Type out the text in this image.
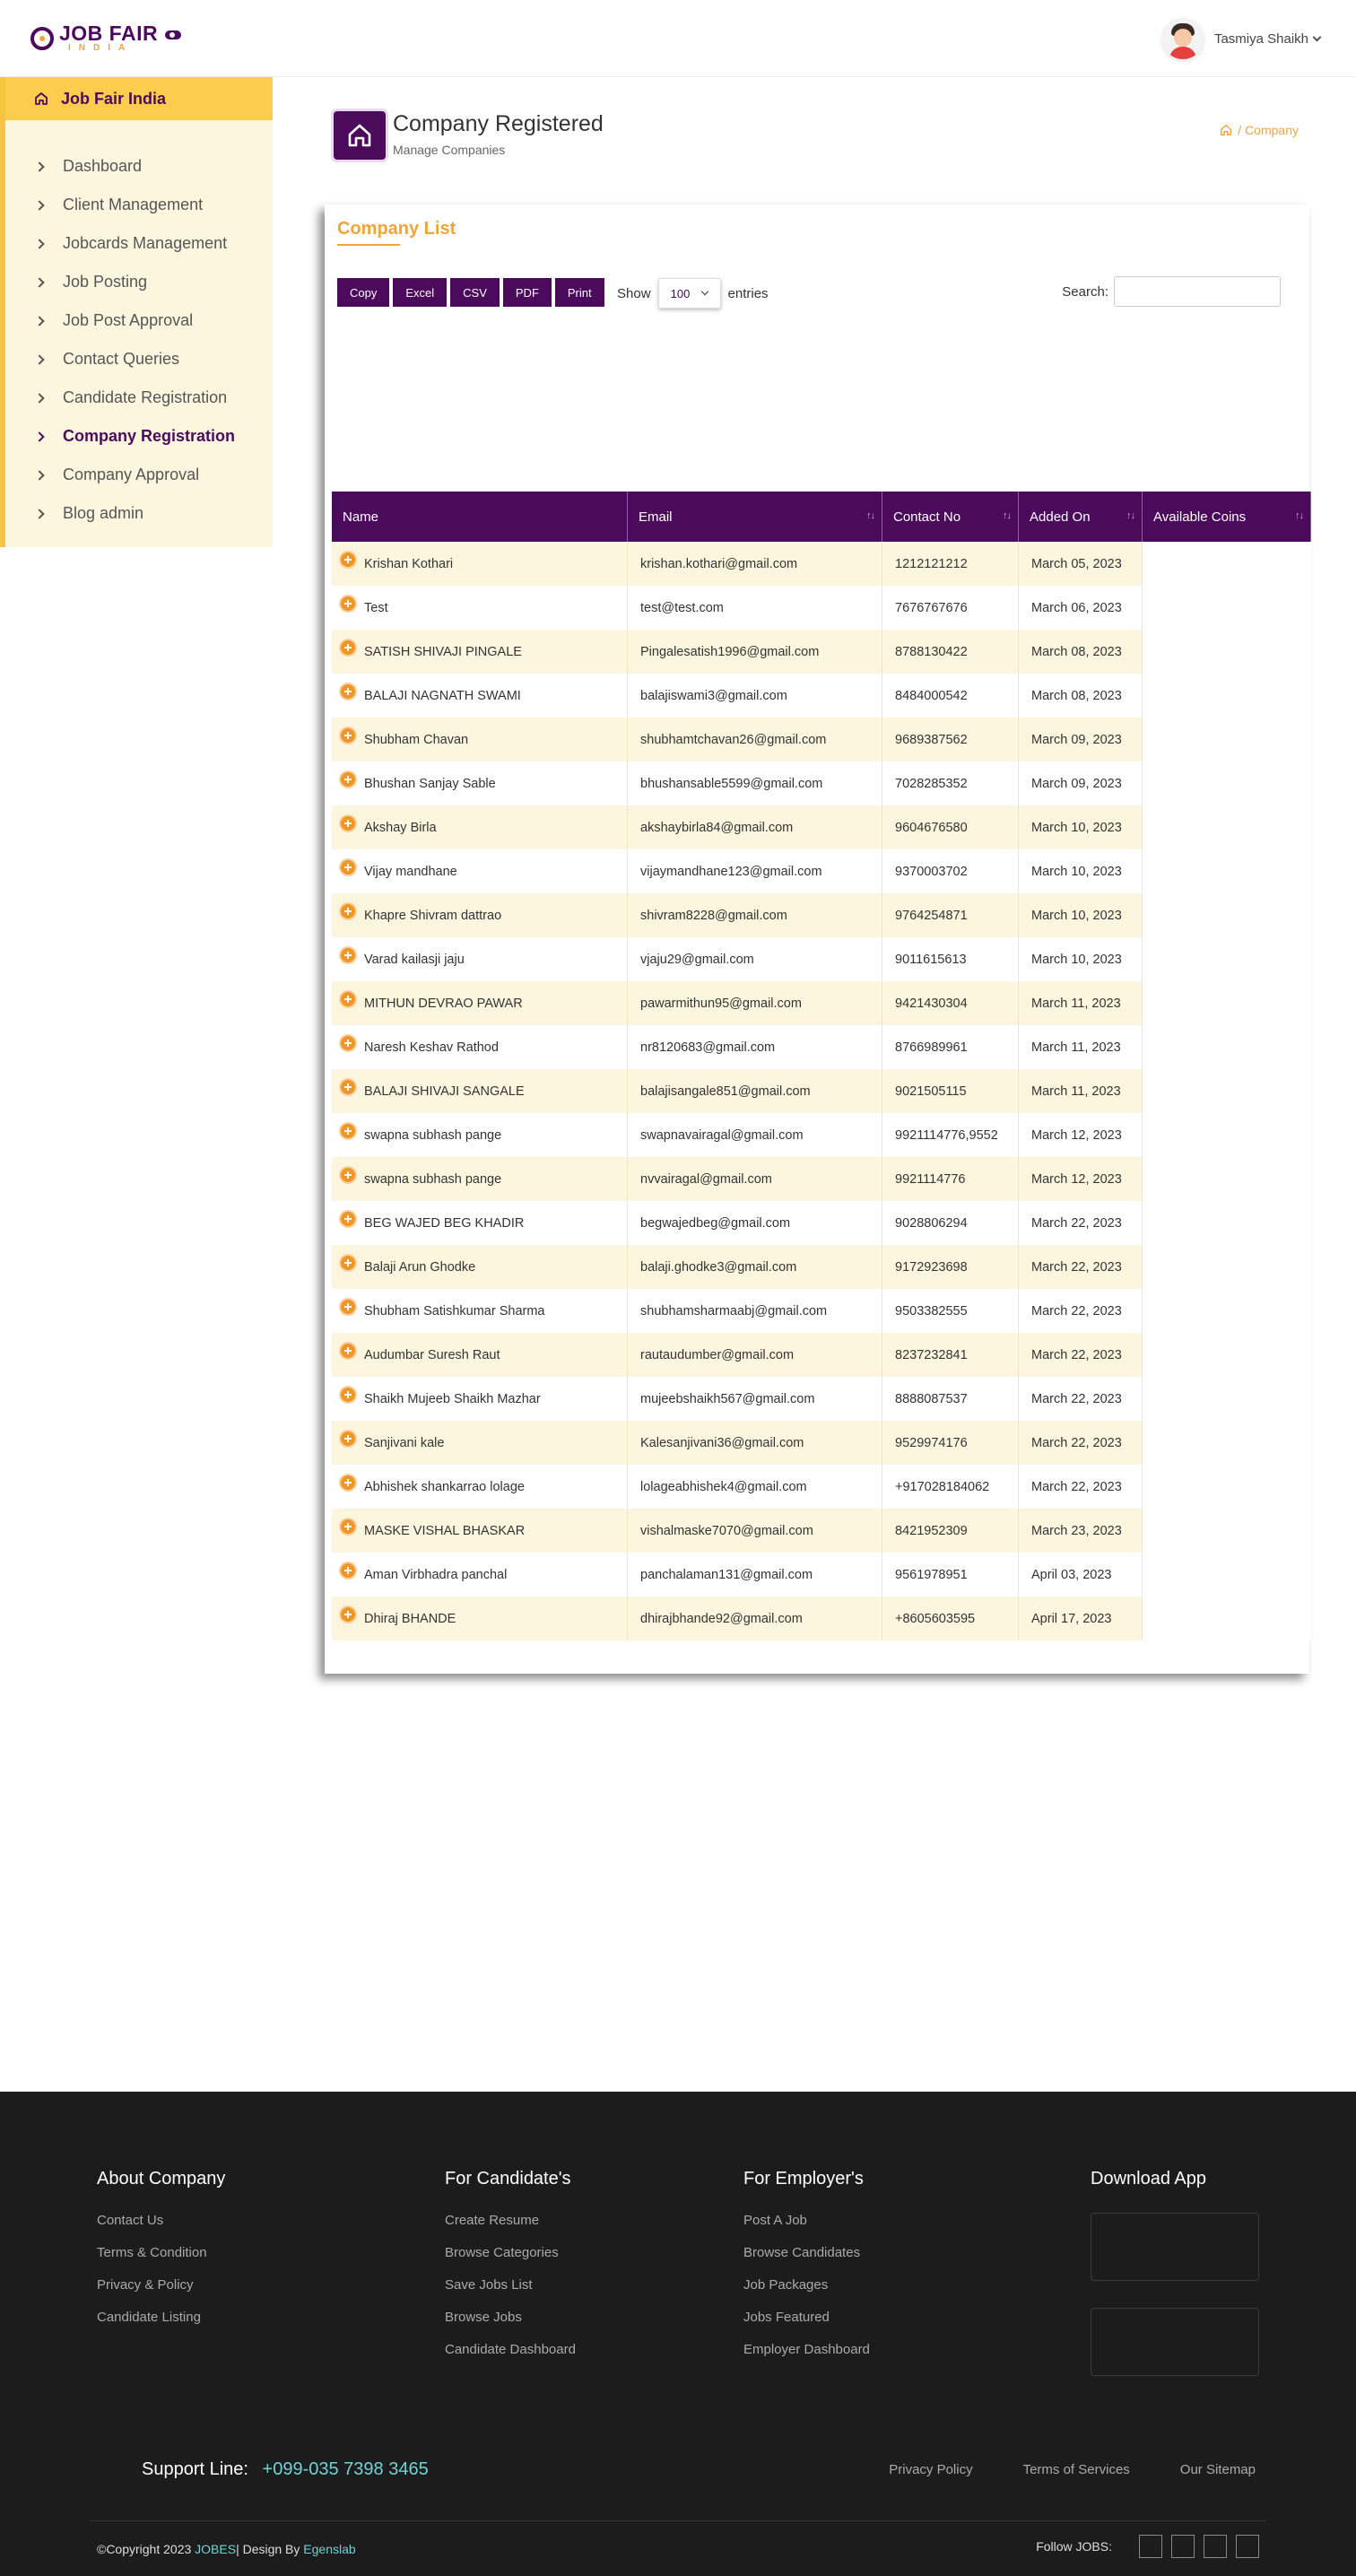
JOB FAIR
INDIA
Tasmiya Shaikh
Job Fair India
Dashboard
Client Management
Jobcards Management
Job Posting
Job Post Approval
Contact Queries
Candidate Registration
Company Registration
Company Approval
Blog admin
Company Registered
Manage Companies
/ Company
Company List
Copy	Excel	CSV	PDF	Print	Show 100	entries	Search:
Name	Email	↑↓ Contact No	↑↓ Added On	↑↓ Available Coins	↑↓
Krishan Kothari	krishan.kothari@gmail.com	1212121212	March 05, 2023
Test	test@test.com	7676767676	March 06, 2023
SATISH SHIVAJI PINGALE	Pingalesatish1996@gmail.com	8788130422	March 08, 2023
BALAJI NAGNATH SWAMI	balajiswami3@gmail.com	8484000542	March 08, 2023
Shubham Chavan	shubhamtchavan26@gmail.com	9689387562	March 09, 2023
Bhushan Sanjay Sable	bhushansable5599@gmail.com	7028285352	March 09, 2023
Akshay Birla	akshaybirla84@gmail.com	9604676580	March 10, 2023
Vijay mandhane	vijaymandhane123@gmail.com	9370003702	March 10, 2023
Khapre Shivram dattrao	shivram8228@gmail.com	9764254871	March 10, 2023
Varad kailasji jaju	vjaju29@gmail.com	9011615613	March 10, 2023
MITHUN DEVRAO PAWAR	pawarmithun95@gmail.com	9421430304	March 11, 2023
Naresh Keshav Rathod	nr8120683@gmail.com	8766989961	March 11, 2023
BALAJI SHIVAJI SANGALE	balajisangale851@gmail.com	9021505115	March 11, 2023
swapna subhash pange	swapnavairagal@gmail.com	9921114776,9552	March 12, 2023
swapna subhash pange	nvvairagal@gmail.com	9921114776	March 12, 2023
BEG WAJED BEG KHADIR	begwajedbeg@gmail.com	9028806294	March 22, 2023
Balaji Arun Ghodke	balaji.ghodke3@gmail.com	9172923698	March 22, 2023
Shubham Satishkumar Sharma	shubhamsharmaabj@gmail.com	9503382555	March 22, 2023
Audumbar Suresh Raut	rautaudumber@gmail.com	8237232841	March 22, 2023
Shaikh Mujeeb Shaikh Mazhar	mujeebshaikh567@gmail.com	8888087537	March 22, 2023
Sanjivani kale	Kalesanjivani36@gmail.com	9529974176	March 22, 2023
Abhishek shankarrao lolage	lolageabhishek4@gmail.com	+917028184062	March 22, 2023
MASKE VISHAL BHASKAR	vishalmaske7070@gmail.com	8421952309	March 23, 2023
Aman Virbhadra panchal	panchalaman131@gmail.com	9561978951	April 03, 2023
Dhiraj BHANDE	dhirajbhande92@gmail.com	+8605603595	April 17, 2023
About Company
Contact Us
Terms & Condition
Privacy & Policy
Candidate Listing
For Candidate's
Create Resume
Browse Categories
Save Jobs List
Browse Jobs
Candidate Dashboard
For Employer's
Post A Job
Browse Candidates
Job Packages
Jobs Featured
Employer Dashboard
Download App
Support Line: +099-035 7398 3465	Privacy Policy	Terms of Services	Our Sitemap
©Copyright 2023 JOBES| Design By Egenslab	Follow JOBS:
